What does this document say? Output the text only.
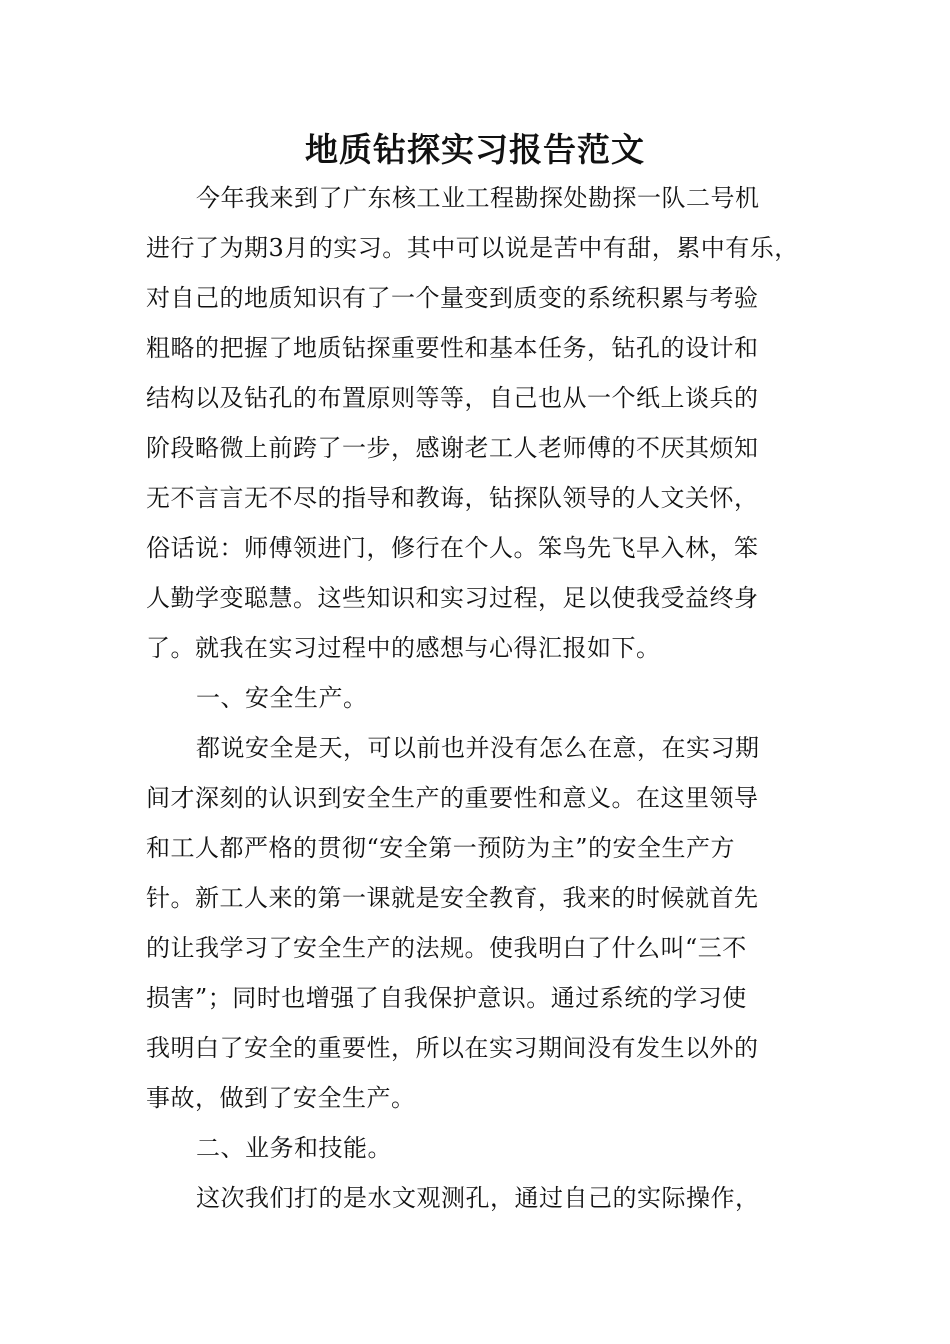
地质钻探实习报告范文
今年我来到了广东核工业工程勘探处勘探一队二号机
进行了为期3月的实习。其中可以说是苦中有甜，累中有乐，
对自己的地质知识有了一个量变到质变的系统积累与考验
粗略的把握了地质钻探重要性和基本任务，钻孔的设计和
结构以及钻孔的布置原则等等，自己也从一个纸上谈兵的
阶段略微上前跨了一步，感谢老工人老师傅的不厌其烦知
无不言言无不尽的指导和教诲，钻探队领导的人文关怀，
俗话说：师傅领进门，修行在个人。笨鸟先飞早入林，笨
人勤学变聪慧。这些知识和实习过程，足以使我受益终身
了。就我在实习过程中的感想与心得汇报如下。
一、安全生产。
都说安全是天，可以前也并没有怎么在意，在实习期
间才深刻的认识到安全生产的重要性和意义。在这里领导
和工人都严格的贯彻“安全第一预防为主”的安全生产方
针。新工人来的第一课就是安全教育，我来的时候就首先
的让我学习了安全生产的法规。使我明白了什么叫“三不
损害”；同时也增强了自我保护意识。通过系统的学习使
我明白了安全的重要性，所以在实习期间没有发生以外的
事故，做到了安全生产。
二、业务和技能。
这次我们打的是水文观测孔，通过自己的实际操作，
